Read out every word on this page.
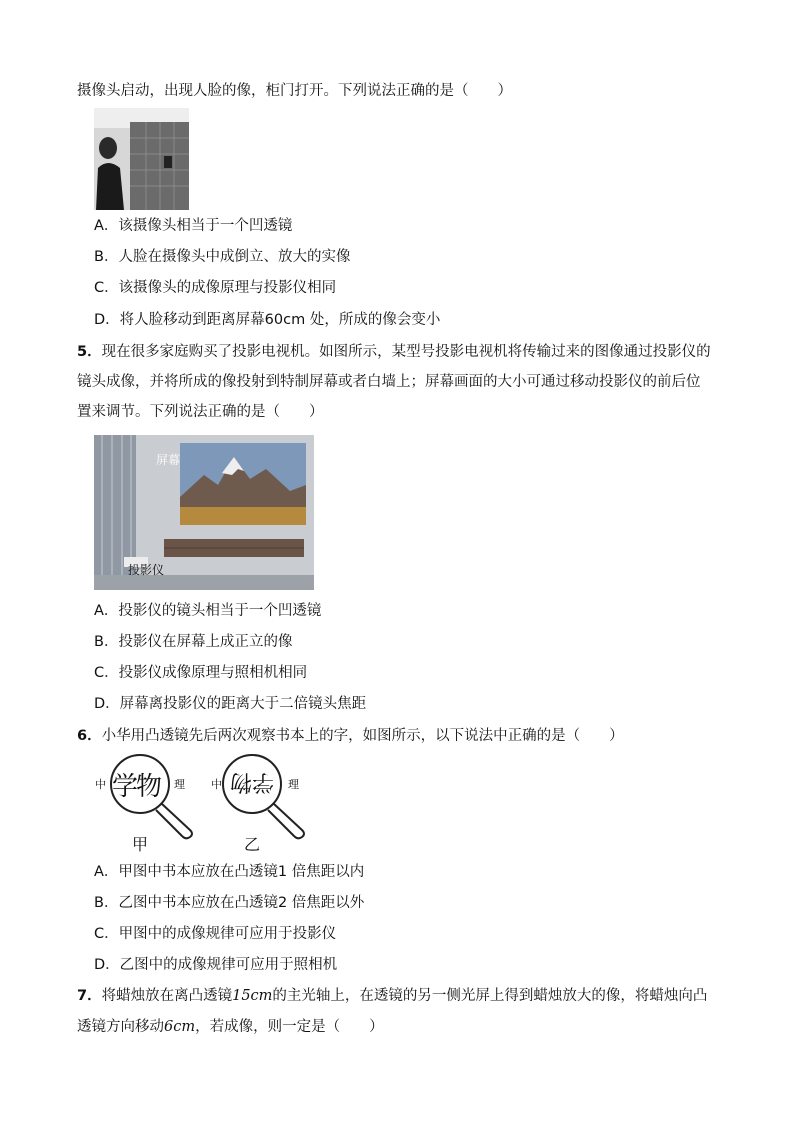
摄像头启动，出现人脸的像，柜门打开。下列说法正确的是（　　）
A．该摄像头相当于一个凹透镜
B．人脸在摄像头中成倒立、放大的实像
C．该摄像头的成像原理与投影仪相同
D．将人脸移动到距离屏幕60cm 处，所成的像会变小
5．现在很多家庭购买了投影电视机。如图所示，某型号投影电视机将传输过来的图像通过投影仪的
镜头成像，并将所成的像投射到特制屏幕或者白墙上；屏幕画面的大小可通过移动投影仪的前后位
置来调节。下列说法正确的是（　　）
屏幕
投影仪
A．投影仪的镜头相当于一个凹透镜
B．投影仪在屏幕上成正立的像
C．投影仪成像原理与照相机相同
D．屏幕离投影仪的距离大于二倍镜头焦距
6．小华用凸透镜先后两次观察书本上的字，如图所示，以下说法中正确的是（　　）
中 学物 理
甲
中 学物 理
乙
A．甲图中书本应放在凸透镜1 倍焦距以内
B．乙图中书本应放在凸透镜2 倍焦距以外
C．甲图中的成像规律可应用于投影仪
D．乙图中的成像规律可应用于照相机
7．将蜡烛放在离凸透镜15cm的主光轴上，在透镜的另一侧光屏上得到蜡烛放大的像，将蜡烛向凸
透镜方向移动6cm，若成像，则一定是（　　）
